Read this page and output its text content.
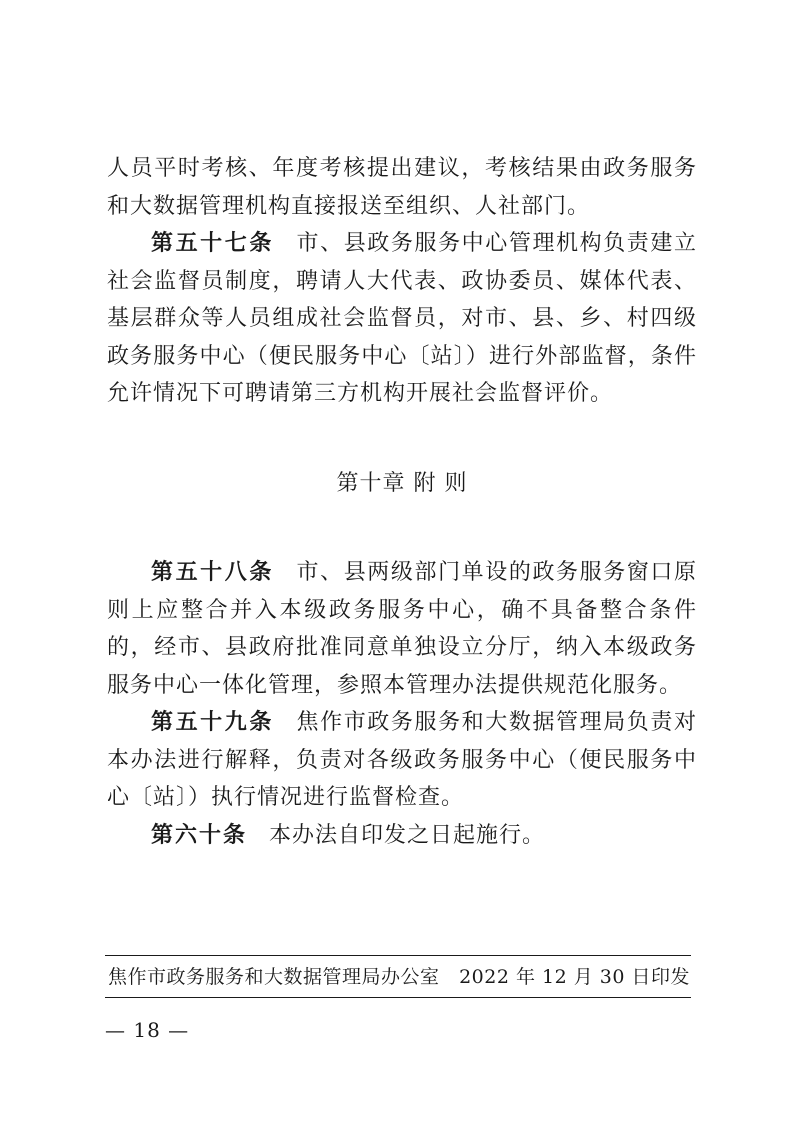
人员平时考核、年度考核提出建议，考核结果由政务服务和大数据管理机构直接报送至组织、人社部门。

第五十七条 市、县政务服务中心管理机构负责建立社会监督员制度，聘请人大代表、政协委员、媒体代表、基层群众等人员组成社会监督员，对市、县、乡、村四级政务服务中心（便民服务中心〔站〕）进行外部监督，条件允许情况下可聘请第三方机构开展社会监督评价。

第十章 附 则

第五十八条 市、县两级部门单设的政务服务窗口原则上应整合并入本级政务服务中心，确不具备整合条件的，经市、县政府批准同意单独设立分厅，纳入本级政务服务中心一体化管理，参照本管理办法提供规范化服务。

第五十九条 焦作市政务服务和大数据管理局负责对本办法进行解释，负责对各级政务服务中心（便民服务中心〔站〕）执行情况进行监督检查。

第六十条 本办法自印发之日起施行。

焦作市政务服务和大数据管理局办公室 2022 年 12 月 30 日印发
— 18 —
